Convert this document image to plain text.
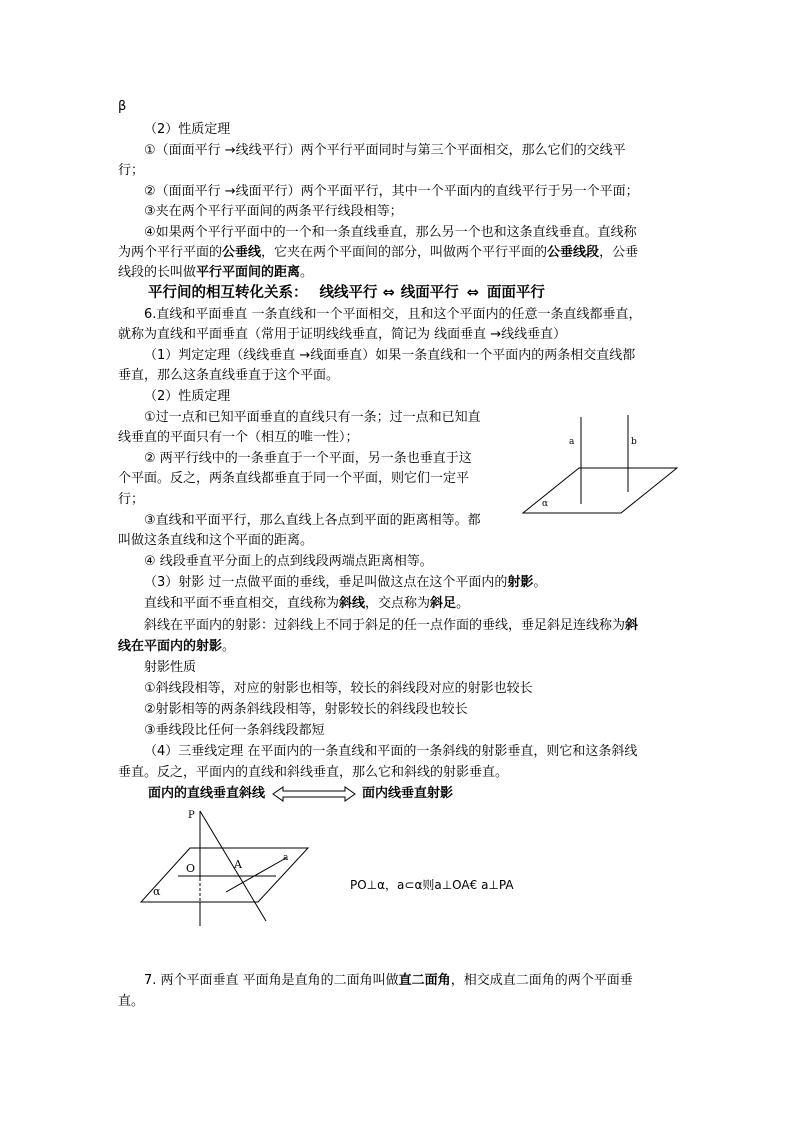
β
（2）性质定理
①（面面平行 →线线平行）两个平行平面同时与第三个平面相交，那么它们的交线平
行；
②（面面平行 →线面平行）两个平面平行，其中一个平面内的直线平行于另一个平面；
③夹在两个平行平面间的两条平行线段相等；
④如果两个平行平面中的一个和一条直线垂直，那么另一个也和这条直线垂直。直线称
为两个平行平面的公垂线，它夹在两个平面间的部分，叫做两个平行平面的公垂线段，公垂
线段的长叫做平行平面间的距离。
平行间的相互转化关系： 线线平行 ⇔ 线面平行 ⇔ 面面平行
6.直线和平面垂直 一条直线和一个平面相交，且和这个平面内的任意一条直线都垂直，
就称为直线和平面垂直（常用于证明线线垂直，简记为 线面垂直 →线线垂直）
（1）判定定理（线线垂直 →线面垂直）如果一条直线和一个平面内的两条相交直线都
垂直，那么这条直线垂直于这个平面。
（2）性质定理
①过一点和已知平面垂直的直线只有一条；过一点和已知直
线垂直的平面只有一个（相互的唯一性）；
② 两平行线中的一条垂直于一个平面，另一条也垂直于这
个平面。反之，两条直线都垂直于同一个平面，则它们一定平
行；
③直线和平面平行，那么直线上各点到平面的距离相等。都
叫做这条直线和这个平面的距离。
④ 线段垂直平分面上的点到线段两端点距离相等。
（3）射影 过一点做平面的垂线，垂足叫做这点在这个平面内的射影。
直线和平面不垂直相交，直线称为斜线，交点称为斜足。
斜线在平面内的射影：过斜线上不同于斜足的任一点作面的垂线，垂足斜足连线称为斜
线在平面内的射影。
射影性质
①斜线段相等，对应的射影也相等，较长的斜线段对应的射影也较长
②射影相等的两条斜线段相等，射影较长的斜线段也较长
③垂线段比任何一条斜线段都短
（4）三垂线定理 在平面内的一条直线和平面的一条斜线的射影垂直，则它和这条斜线
垂直。反之，平面内的直线和斜线垂直，那么它和斜线的射影垂直。
面内的直线垂直斜线	面内线垂直射影
a	b
α
P
O	A	a
α	PO⊥α，a⊂α则a⊥OA€ a⊥PA
7. 两个平面垂直 平面角是直角的二面角叫做直二面角，相交成直二面角的两个平面垂
直。
